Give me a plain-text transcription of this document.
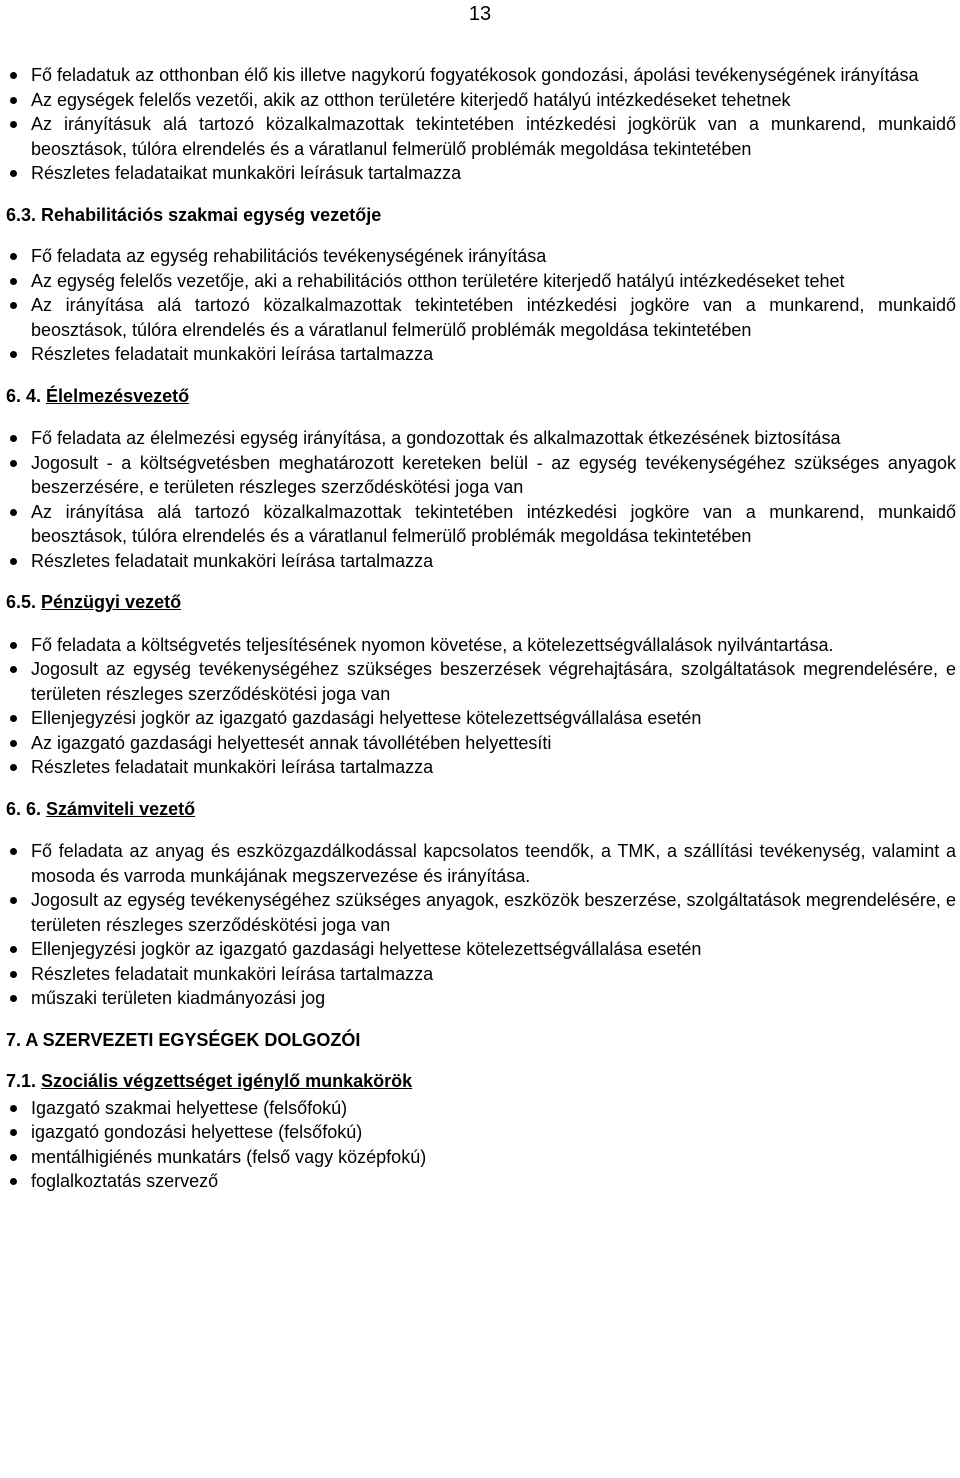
13
Fő feladatuk az otthonban élő kis illetve nagykorú fogyatékosok gondozási, ápolási tevékenységének irányítása
Az egységek felelős vezetői, akik az otthon területére kiterjedő hatályú intézkedéseket tehetnek
Az irányításuk alá tartozó közalkalmazottak tekintetében intézkedési jogkörük van a munkarend, munkaidő beosztások, túlóra elrendelés és a váratlanul felmerülő problémák megoldása tekintetében
Részletes feladataikat munkaköri leírásuk tartalmazza

6.3. Rehabilitációs szakmai egység vezetője

Fő feladata az egység rehabilitációs tevékenységének irányítása
Az egység felelős vezetője, aki a rehabilitációs otthon területére kiterjedő hatályú intézkedéseket tehet
Az irányítása alá tartozó közalkalmazottak tekintetében intézkedési jogköre van a munkarend, munkaidő beosztások, túlóra elrendelés és a váratlanul felmerülő problémák megoldása tekintetében
Részletes feladatait munkaköri leírása tartalmazza

6. 4. Élelmezésvezető

Fő feladata az élelmezési egység irányítása, a gondozottak és alkalmazottak étkezésének biztosítása
Jogosult - a költségvetésben meghatározott kereteken belül - az egység tevékenységéhez szükséges anyagok beszerzésére, e területen részleges szerződéskötési joga van
Az irányítása alá tartozó közalkalmazottak tekintetében intézkedési jogköre van a munkarend, munkaidő beosztások, túlóra elrendelés és a váratlanul felmerülő problémák megoldása tekintetében
Részletes feladatait munkaköri leírása tartalmazza

6.5. Pénzügyi vezető

Fő feladata a költségvetés teljesítésének nyomon követése, a kötelezettségvállalások nyilvántartása.
Jogosult az egység tevékenységéhez szükséges beszerzések végrehajtására, szolgáltatások megrendelésére, e területen részleges szerződéskötési joga van
Ellenjegyzési jogkör az igazgató gazdasági helyettese kötelezettségvállalása esetén
Az igazgató gazdasági helyettesét annak távollétében helyettesíti
Részletes feladatait munkaköri leírása tartalmazza

6. 6. Számviteli vezető

Fő feladata az anyag és eszközgazdálkodással kapcsolatos teendők, a TMK, a szállítási tevékenység, valamint a mosoda és varroda munkájának megszervezése és irányítása.
Jogosult az egység tevékenységéhez szükséges anyagok, eszközök beszerzése, szolgáltatások megrendelésére, e területen részleges szerződéskötési joga van
Ellenjegyzési jogkör az igazgató gazdasági helyettese kötelezettségvállalása esetén
Részletes feladatait munkaköri leírása tartalmazza
műszaki területen kiadmányozási jog

7. A SZERVEZETI EGYSÉGEK DOLGOZÓI

7.1. Szociális végzettséget igénylő munkakörök

Igazgató szakmai helyettese (felsőfokú)
igazgató gondozási helyettese (felsőfokú)
mentálhigiénés munkatárs (felső vagy középfokú)
foglalkoztatás szervező
